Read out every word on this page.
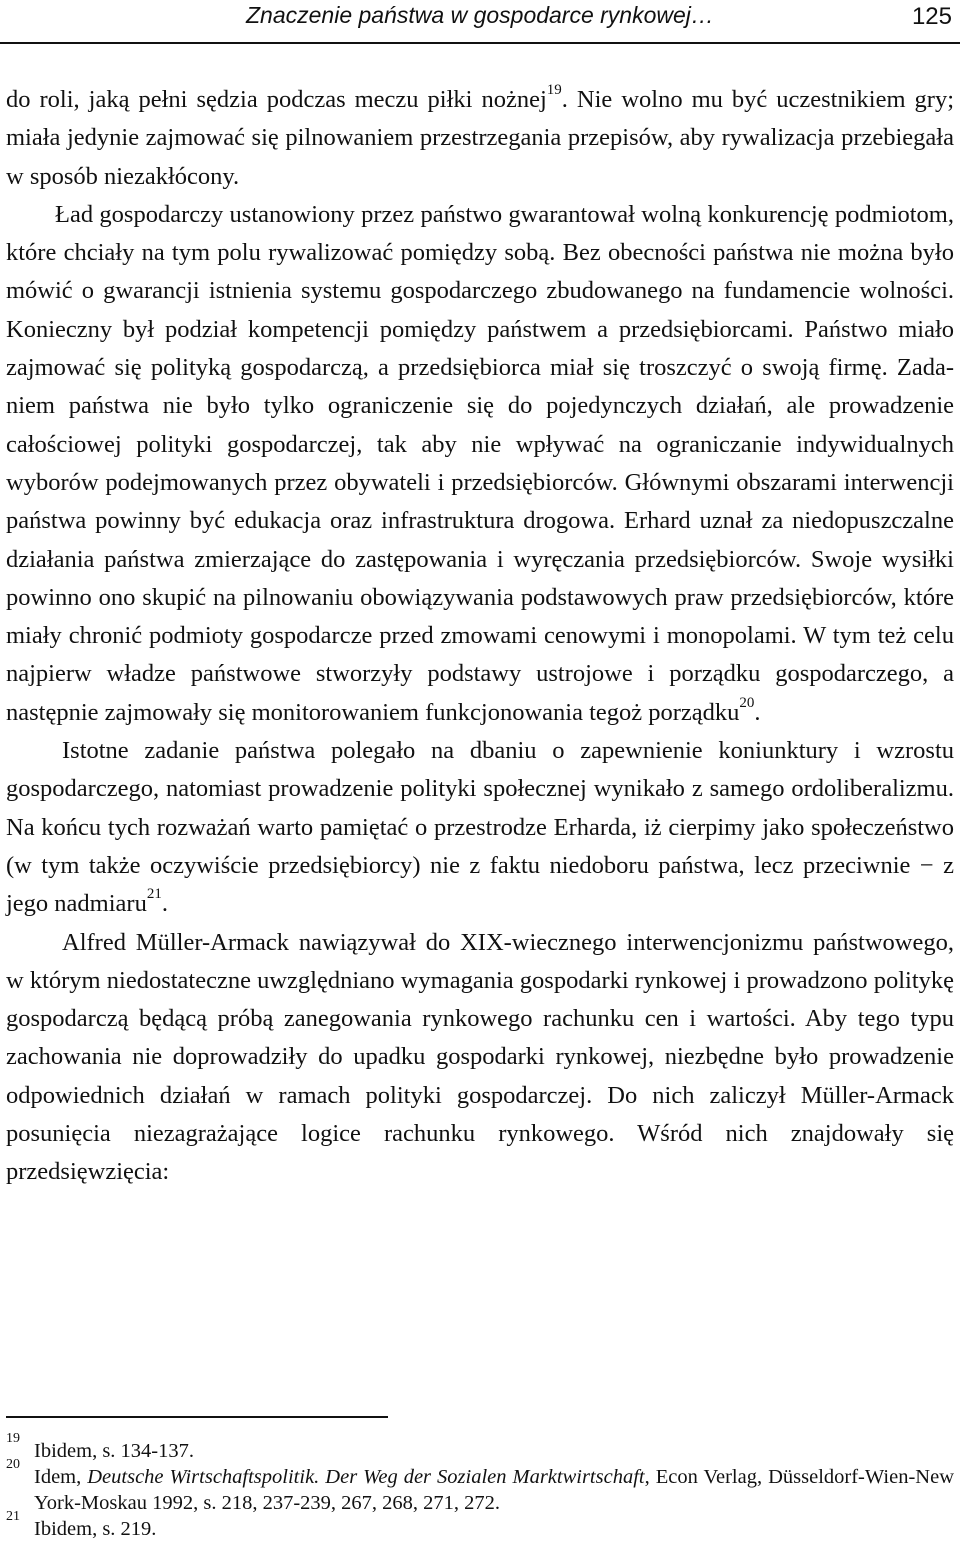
Znaczenie państwa w gospodarce rynkowej…	125

do roli, jaką pełni sędzia podczas meczu piłki nożnej$^{19}$. Nie wolno mu być uczestnikiem gry; miała jedynie zajmować się pilnowaniem przestrzegania przepisów, aby rywalizacja przebiegała w sposób niezakłócony.
  Ład gospodarczy ustanowiony przez państwo gwarantował wolną konkurencję podmiotom, które chciały na tym polu rywalizować pomiędzy sobą. Bez obecności państwa nie można było mówić o gwarancji istnienia systemu gospodarczego zbudowanego na fundamencie wolności. Konieczny był podział kompetencji pomiędzy państwem a przedsiębiorcami. Państwo miało zajmować się polityką gospodarczą, a przedsiębiorca miał się troszczyć o swoją firmę. Zadaniem państwa nie było tylko ograniczenie się do pojedynczych działań, ale prowadzenie całościowej polityki gospodarczej, tak aby nie wpływać na ograniczanie indywidualnych wyborów podejmowanych przez obywateli i przedsiębiorców. Głównymi obszarami interwencji państwa powinny być edukacja oraz infrastruktura drogowa. Erhard uznał za niedopuszczalne działania państwa zmierzające do zastępowania i wyręczania przedsiębiorców. Swoje wysiłki powinno ono skupić na pilnowaniu obowiązywania podstawowych praw przedsiębiorców, które miały chronić podmioty gospodarcze przed zmowami cenowymi i monopolami. W tym też celu najpierw władze państwowe stworzyły podstawy ustrojowe i porządku gospodarczego, a następnie zajmowały się monitorowaniem funkcjonowania tegoż porządku$^{20}$.

Istotne zadanie państwa polegało na dbaniu o zapewnienie koniunktury i wzrostu gospodarczego, natomiast prowadzenie polityki społecznej wynikało z samego ordoliberalizmu. Na końcu tych rozważań warto pamiętać o przestrodze Erharda, iż cierpimy jako społeczeństwo (w tym także oczywiście przedsiębiorcy) nie z faktu niedoboru państwa, lecz przeciwnie − z jego nadmiaru$^{21}$.

Alfred Müller-Armack nawiązywał do XIX-wiecznego interwencjonizmu państwowego, w którym niedostateczne uwzględniano wymagania gospodarki rynkowej i prowadzono politykę gospodarczą będącą próbą zanegowania rynkowego rachunku cen i wartości. Aby tego typu zachowania nie doprowadziły do upadku gospodarki rynkowej, niezbędne było prowadzenie odpowiednich działań w ramach polityki gospodarczej. Do nich zaliczył Müller-Armack posunięcia niezagrażające logice rachunku rynkowego. Wśród nich znajdowały się przedsięwzięcia:

19
Ibidem, s. 134-137.
20
Idem, Deutsche Wirtschaftspolitik. Der Weg der Sozialen Marktwirtschaft, Econ Verlag, Düsseldorf-Wien-New York-Moskau 1992, s. 218, 237-239, 267, 268, 271, 272.
21
Ibidem, s. 219.
